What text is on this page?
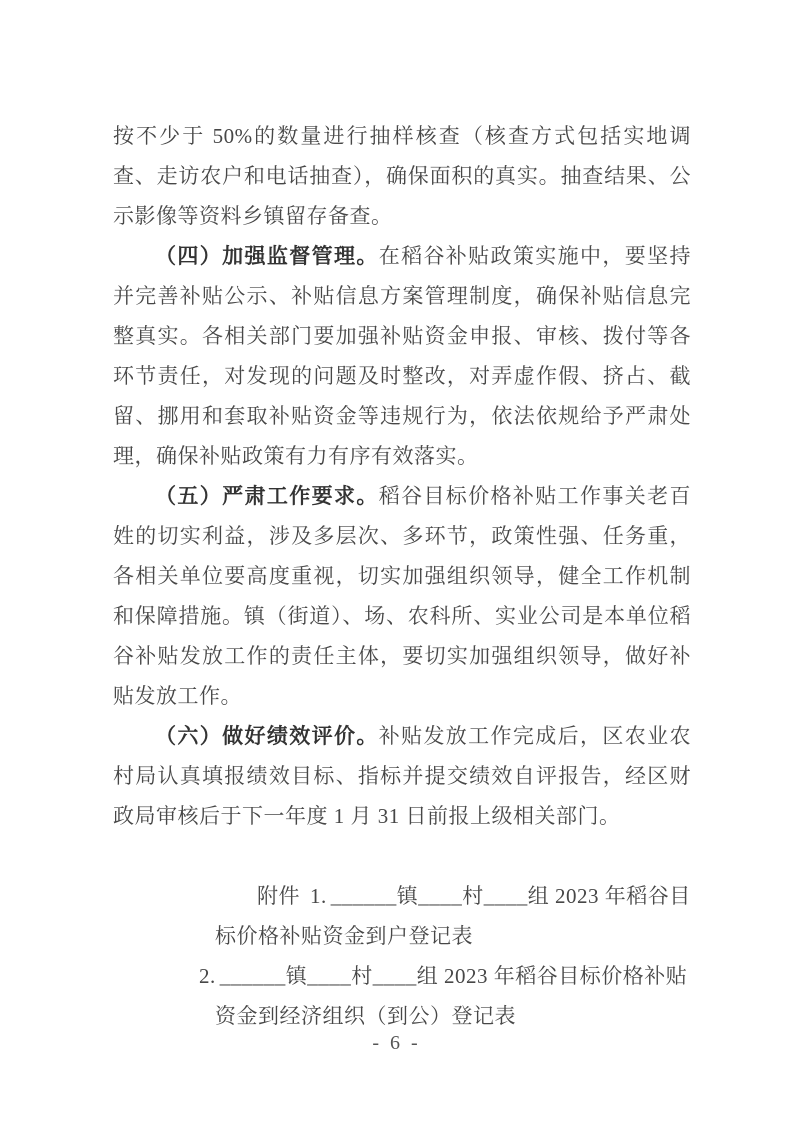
按不少于 50%的数量进行抽样核查（核查方式包括实地调查、走访农户和电话抽查），确保面积的真实。抽查结果、公示影像等资料乡镇留存备查。

（四）加强监督管理。在稻谷补贴政策实施中，要坚持并完善补贴公示、补贴信息方案管理制度，确保补贴信息完整真实。各相关部门要加强补贴资金申报、审核、拨付等各环节责任，对发现的问题及时整改，对弄虚作假、挤占、截留、挪用和套取补贴资金等违规行为，依法依规给予严肃处理，确保补贴政策有力有序有效落实。

（五）严肃工作要求。稻谷目标价格补贴工作事关老百姓的切实利益，涉及多层次、多环节，政策性强、任务重，各相关单位要高度重视，切实加强组织领导，健全工作机制和保障措施。镇（街道）、场、农科所、实业公司是本单位稻谷补贴发放工作的责任主体，要切实加强组织领导，做好补贴发放工作。

（六）做好绩效评价。补贴发放工作完成后，区农业农村局认真填报绩效目标、指标并提交绩效自评报告，经区财政局审核后于下一年度 1 月 31 日前报上级相关部门。

附件 1. ______镇____村____组 2023 年稻谷目标价格补贴资金到户登记表

2. ______镇____村____组 2023 年稻谷目标价格补贴资金到经济组织（到公）登记表

- 6 -
